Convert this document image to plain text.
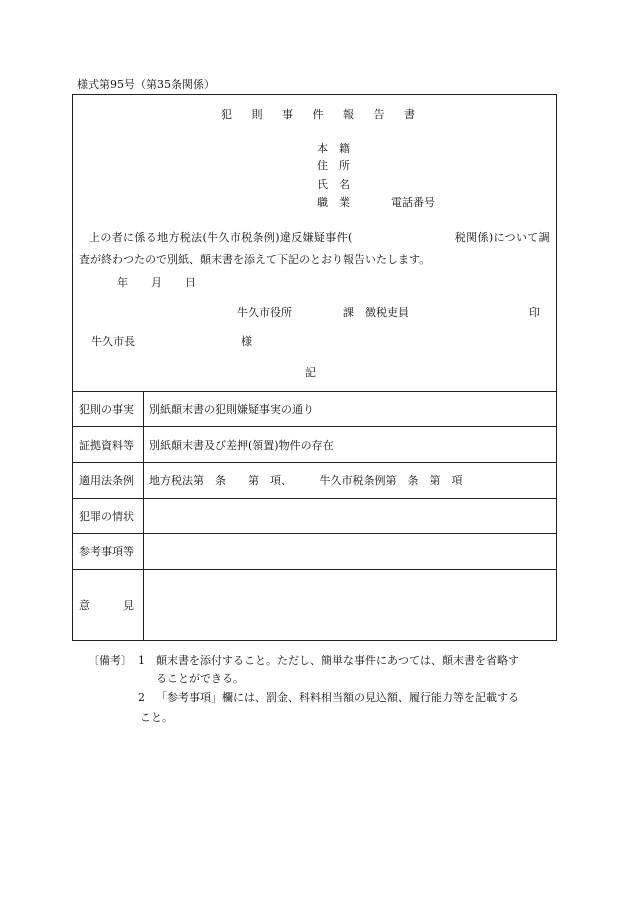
様式第95号（第35条関係）
犯 則 事 件 報 告 書
本　籍
住　所
氏　名
職　業	電話番号
上の者に係る地方税法(牛久市税条例)違反嫌疑事件(　　　　　　　　　税関係)について調
査が終わつたので別紙、顛末書を添えて下記のとおり報告いたします。
年 月 日
牛久市役所	課　徴税吏員	印
牛久市長	様
記
犯則の事実 別紙顛末書の犯則嫌疑事実の通り
証拠資料等 別紙顛末書及び差押(領置)物件の存在
適用法条例 地方税法第　条　　第　項、　　　牛久市税条例第　条　第　項
犯罪の情状
参考事項等
意　　　見
〔備考〕 1 顛末書を添付すること。ただし、簡単な事件にあつては、顛末書を省略す
ることができる。
2 「参考事項」欄には、罰金、科料相当額の見込額、履行能力等を記載する
こと。
